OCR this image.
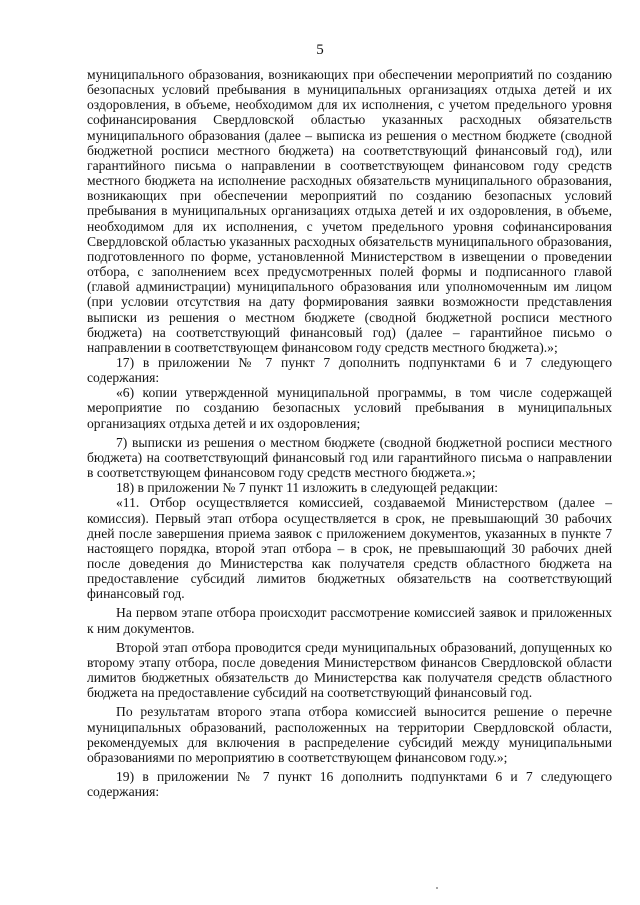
5

муниципального образования, возникающих при обеспечении мероприятий по созданию безопасных условий пребывания в муниципальных организациях отдыха детей и их оздоровления, в объеме, необходимом для их исполнения, с учетом предельного уровня софинансирования Свердловской областью указанных расходных обязательств муниципального образования (далее – выписка из решения о местном бюджете (сводной бюджетной росписи местного бюджета) на соответствующий финансовый год), или гарантийного письма о направлении в соответствующем финансовом году средств местного бюджета на исполнение расходных обязательств муниципального образования, возникающих при обеспечении мероприятий по созданию безопасных условий пребывания в муниципальных организациях отдыха детей и их оздоровления, в объеме, необходимом для их исполнения, с учетом предельного уровня софинансирования Свердловской областью указанных расходных обязательств муниципального образования, подготовленного по форме, установленной Министерством в извещении о проведении отбора, с заполнением всех предусмотренных полей формы и подписанного главой (главой администрации) муниципального образования или уполномоченным им лицом (при условии отсутствия на дату формирования заявки возможности представления выписки из решения о местном бюджете (сводной бюджетной росписи местного бюджета) на соответствующий финансовый год) (далее – гарантийное письмо о направлении в соответствующем финансовом году средств местного бюджета).»;

17) в приложении № 7 пункт 7 дополнить подпунктами 6 и 7 следующего содержания:

«6) копии утвержденной муниципальной программы, в том числе содержащей мероприятие по созданию безопасных условий пребывания в муниципальных организациях отдыха детей и их оздоровления;

7) выписки из решения о местном бюджете (сводной бюджетной росписи местного бюджета) на соответствующий финансовый год или гарантийного письма о направлении в соответствующем финансовом году средств местного бюджета.»;

18) в приложении № 7 пункт 11 изложить в следующей редакции:

«11. Отбор осуществляется комиссией, создаваемой Министерством (далее – комиссия). Первый этап отбора осуществляется в срок, не превышающий 30 рабочих дней после завершения приема заявок с приложением документов, указанных в пункте 7 настоящего порядка, второй этап отбора – в срок, не превышающий 30 рабочих дней после доведения до Министерства как получателя средств областного бюджета на предоставление субсидий лимитов бюджетных обязательств на соответствующий финансовый год.

На первом этапе отбора происходит рассмотрение комиссией заявок и приложенных к ним документов.

Второй этап отбора проводится среди муниципальных образований, допущенных ко второму этапу отбора, после доведения Министерством финансов Свердловской области лимитов бюджетных обязательств до Министерства как получателя средств областного бюджета на предоставление субсидий на соответствующий финансовый год.

По результатам второго этапа отбора комиссией выносится решение о перечне муниципальных образований, расположенных на территории Свердловской области, рекомендуемых для включения в распределение субсидий между муниципальными образованиями по мероприятию в соответствующем финансовом году.»;

19) в приложении № 7 пункт 16 дополнить подпунктами 6 и 7 следующего содержания:
